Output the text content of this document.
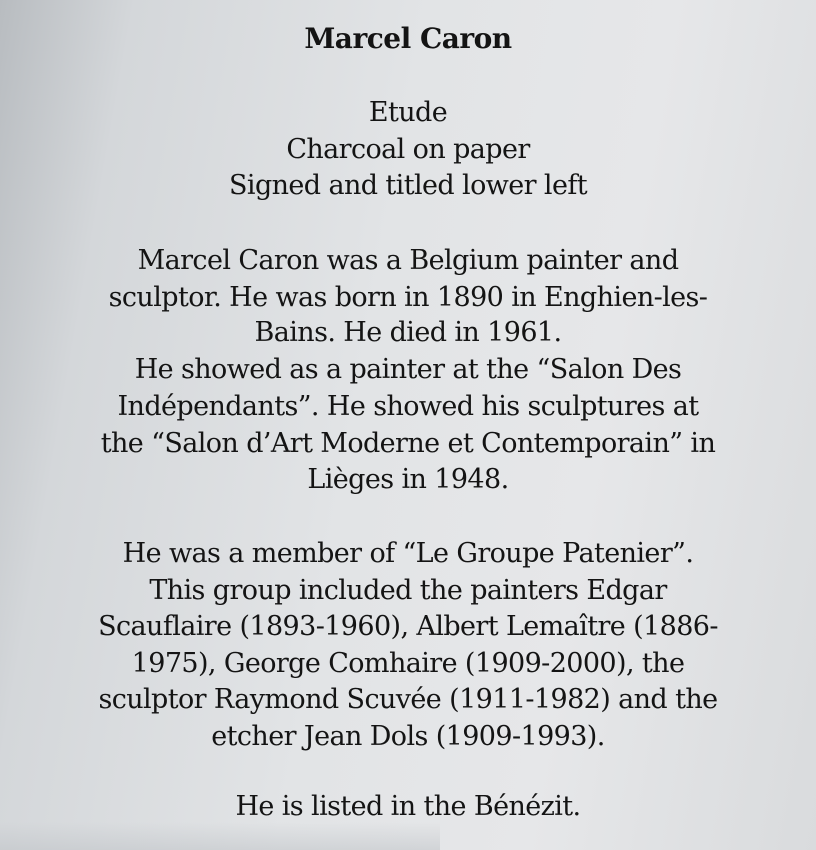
Marcel Caron
Etude
Charcoal on paper
Signed and titled lower left
Marcel Caron was a Belgium painter and
sculptor. He was born in 1890 in Enghien-les-
Bains. He died in 1961.
He showed as a painter at the “Salon Des
Indépendants”. He showed his sculptures at
the “Salon d’Art Moderne et Contemporain” in
Lièges in 1948.
He was a member of “Le Groupe Patenier”.
This group included the painters Edgar
Scauflaire (1893-1960), Albert Lemaître (1886-
1975), George Comhaire (1909-2000), the
sculptor Raymond Scuvée (1911-1982) and the
etcher Jean Dols (1909-1993).
He is listed in the Bénézit.
